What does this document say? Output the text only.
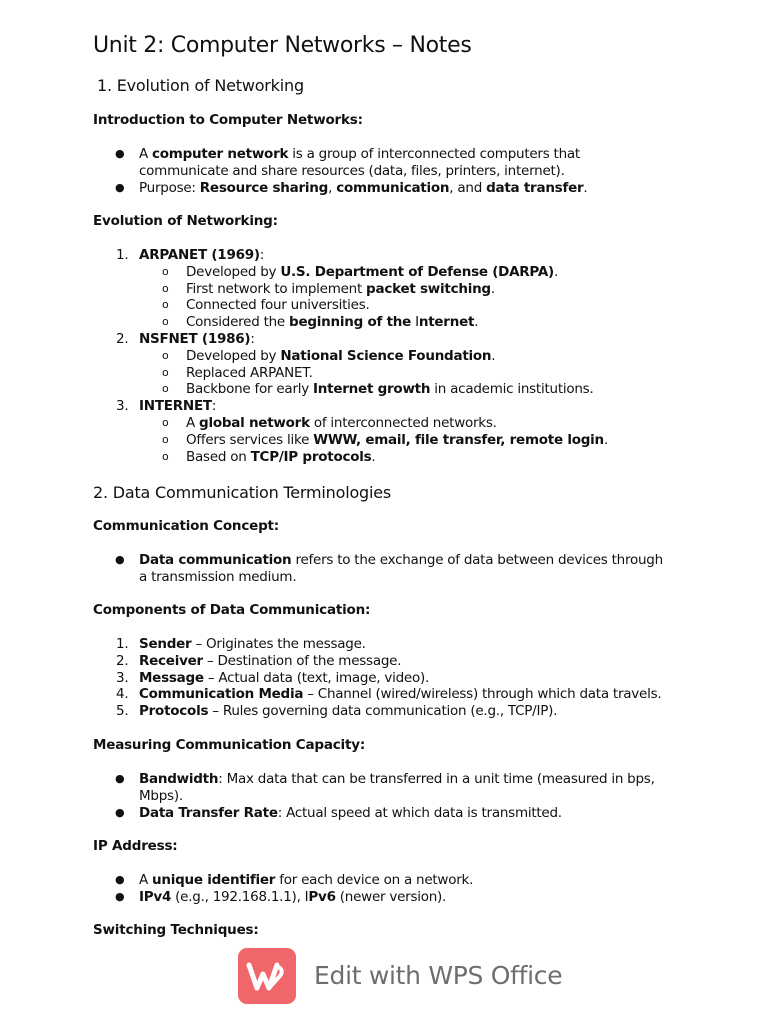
Unit 2: Computer Networks – Notes
1. Evolution of Networking
Introduction to Computer Networks:
● A computer network is a group of interconnected computers that
communicate and share resources (data, files, printers, internet).
● Purpose: Resource sharing, communication, and data transfer.
Evolution of Networking:
1. ARPANET (1969):
o Developed by U.S. Department of Defense (DARPA).
o First network to implement packet switching.
o Connected four universities.
o Considered the beginning of the Internet.
2. NSFNET (1986):
o Developed by National Science Foundation.
o Replaced ARPANET.
o Backbone for early Internet growth in academic institutions.
3. INTERNET:
o A global network of interconnected networks.
o Offers services like WWW, email, file transfer, remote login.
o Based on TCP/IP protocols.
2. Data Communication Terminologies
Communication Concept:
● Data communication refers to the exchange of data between devices through
a transmission medium.
Components of Data Communication:
1. Sender – Originates the message.
2. Receiver – Destination of the message.
3. Message – Actual data (text, image, video).
4. Communication Media – Channel (wired/wireless) through which data travels.
5. Protocols – Rules governing data communication (e.g., TCP/IP).
Measuring Communication Capacity:
● Bandwidth: Max data that can be transferred in a unit time (measured in bps,
Mbps).
● Data Transfer Rate: Actual speed at which data is transmitted.
IP Address:
● A unique identifier for each device on a network.
● IPv4 (e.g., 192.168.1.1), IPv6 (newer version).
Switching Techniques:
Edit with WPS Office
